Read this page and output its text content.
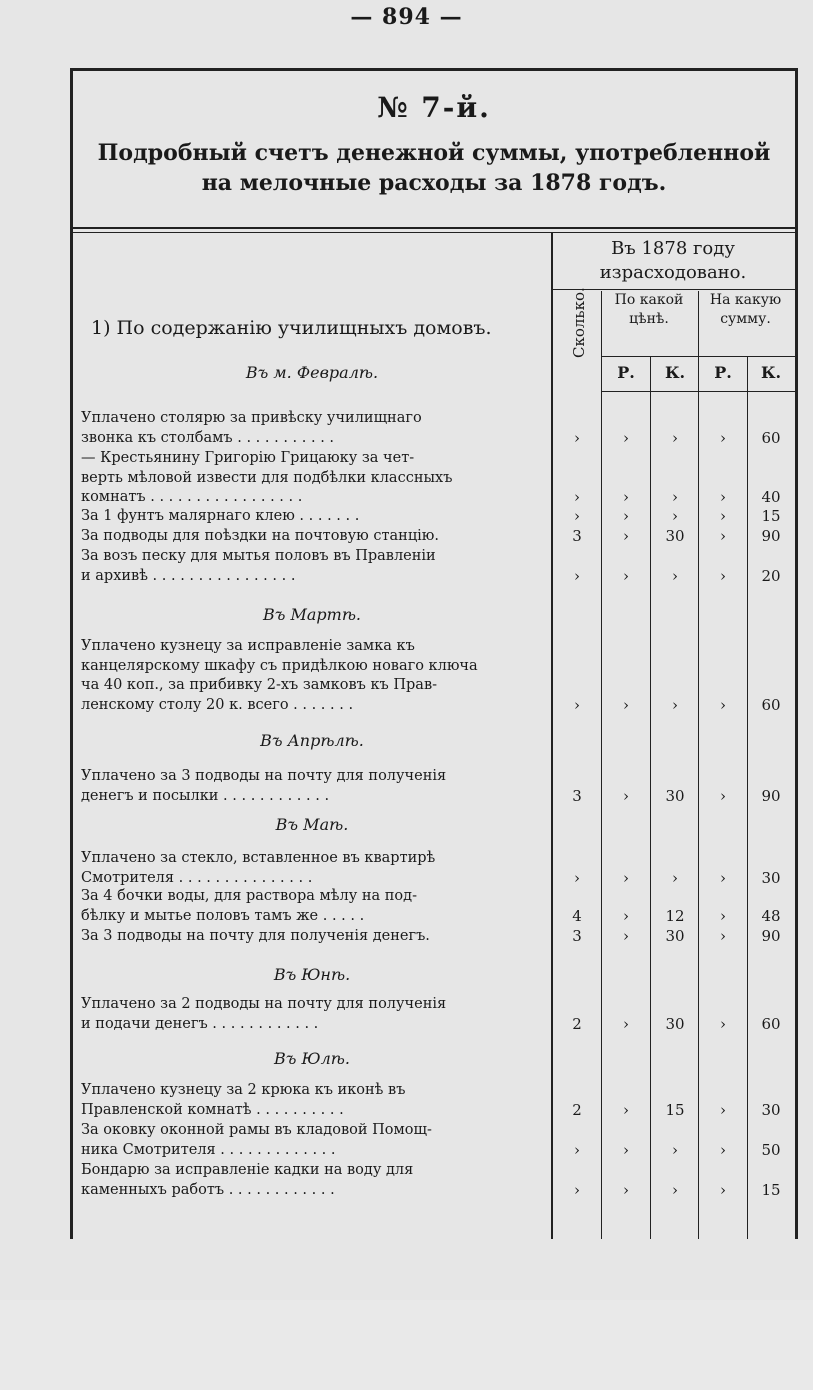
— 894 —
№ 7-й.
Подробный счетъ денежной суммы, употребленной на мелочные расходы за 1878 годъ.
Въ 1878 году израсходовано.
Сколько.	По какой цѣнѣ.
На какую сумму.
Р.	К.	Р.	К.
1) По содержанію училищныхъ домовъ.
Въ м. Февралѣ.
Въ Мартѣ.
Въ Апрѣлѣ.
Въ Маѣ.
Въ Юнѣ.
Въ Юлѣ.
Уплачено столярю за привѣску училищнаго
звонка къ столбамъ . . . . . . . . . . .	›	›	›	›	60
— Крестьянину Григорію Грицаюку за чет-
верть мѣловой извести для подбѣлки классныхъ
комнатъ . . . . . . . . . . . . . . . . .	›	›	›	›	40
За 1 фунтъ малярнаго клею . . . . . . .	›	›	›	›	15
За подводы для поѣздки на почтовую станцію.	3	›	30	›	90
За возъ песку для мытья половъ въ Правленіи
и архивѣ . . . . . . . . . . . . . . . .	›	›	›	›	20
Уплачено кузнецу за исправленіе замка къ
канцелярскому шкафу съ придѣлкою новаго ключа
ча 40 коп., за прибивку 2-хъ замковъ къ Прав-
ленскому столу 20 к. всего . . . . . . .	›	›	›	›	60
Уплачено за 3 подводы на почту для полученія
денегъ и посылки . . . . . . . . . . . .	3	›	30	›	90
Уплачено за стекло, вставленное въ квартирѣ
Смотрителя . . . . . . . . . . . . . . .	›	›	›	›	30
За 4 бочки воды, для раствора мѣлу на под-
бѣлку и мытье половъ тамъ же . . . . .	4	›	12	›	48
За 3 подводы на почту для полученія денегъ.	3	›	30	›	90
Уплачено за 2 подводы на почту для полученія
и подачи денегъ . . . . . . . . . . . .	2	›	30	›	60
Уплачено кузнецу за 2 крюка къ иконѣ въ
Правленской комнатѣ . . . . . . . . . .	2	›	15	›	30
За оковку оконной рамы въ кладовой Помощ-
ника Смотрителя . . . . . . . . . . . . .	›	›	›	›	50
Бондарю за исправленіе кадки на воду для
каменныхъ работъ . . . . . . . . . . . .	›	›	›	›	15
